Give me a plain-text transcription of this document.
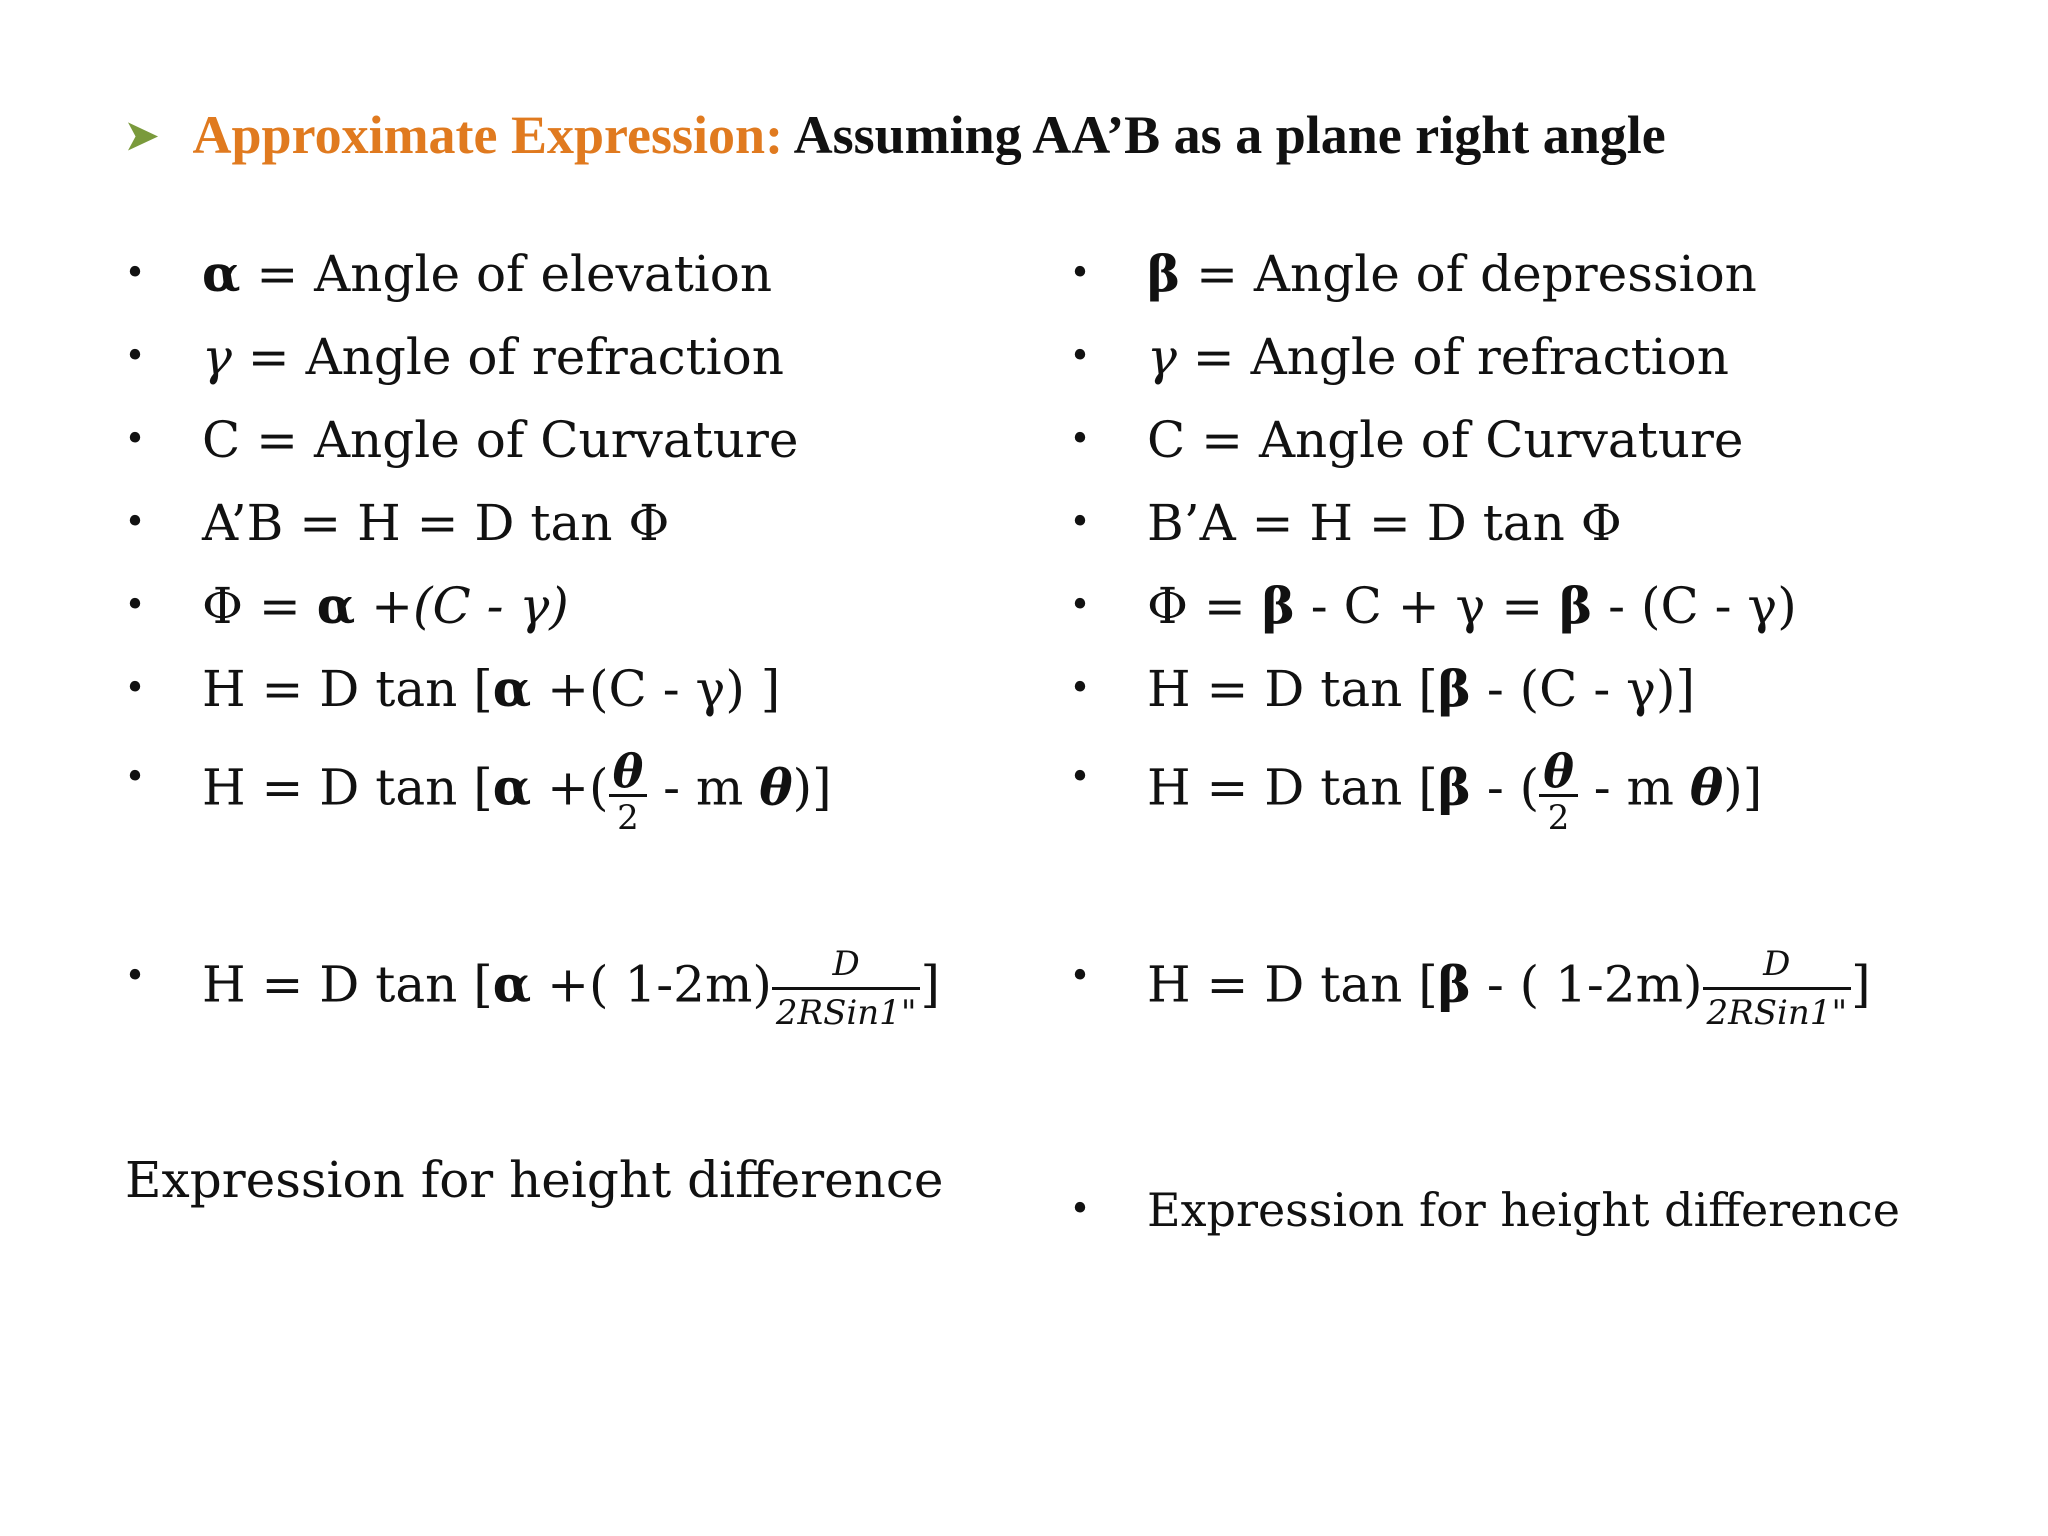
➤ Approximate Expression: Assuming AA’B as a plane right angle
• α = Angle of elevation
• γ = Angle of refraction
• C = Angle of Curvature
• A’B = H = D tan Φ
• Φ = α +(C - γ)
• H = D tan [α +(C - γ) ]
• H = D tan [α +( $\frac{\theta}{2}$ - m θ)]
• H = D tan [α +( $1-2m) \frac{D}{\text{2RSin1"}}$ ]
Expression for height difference
• β = Angle of depression
• γ = Angle of refraction
• C = Angle of Curvature
• B’A = H = D tan Φ
• Φ = β - C + γ = β - (C - γ)
• H = D tan [β - (C - γ)]
• H = D tan [β - ( $\frac{\theta}{2}$ - m θ)]
• H = D tan [β - ( $1-2m) \frac{D}{\text{2RSin1"}}$ ]
• Expression for height difference
